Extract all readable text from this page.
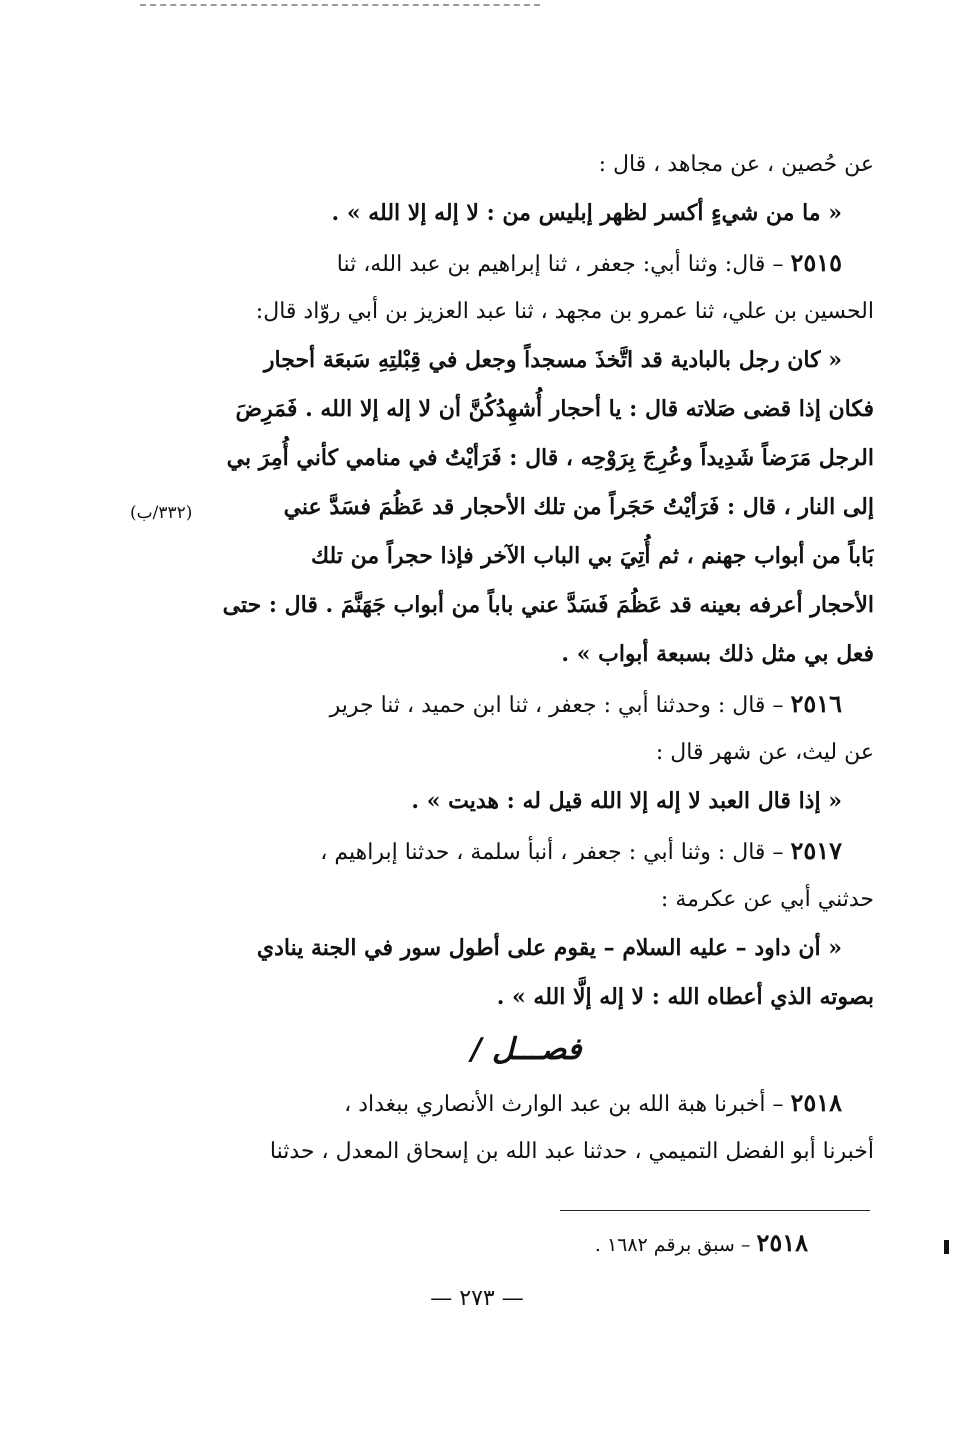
عن حُصين ، عن مجاهد ، قال :
« ما من شيءٍ أكسر لظهر إبليس من : لا إله إلا الله » .
٢٥١٥ – قال: وثنا أبي: جعفر ، ثنا إبراهيم بن عبد الله، ثنا
الحسين بن علي، ثنا عمرو بن مجهد ، ثنا عبد العزيز بن أبي روّاد قال:
« كان رجل بالبادية قد اتَّخذَ مسجداً وجعل في قِبْلتِهِ سَبعَة أحجار
فكان إذا قضى صَلاته قال : يا أحجار أُشهِدُكُنَّ أن لا إله إلا الله . فَمَرِضَ
الرجل مَرَضاً شَدِيداً وعُرِجَ بِرَوْحِه ، قال : فَرَأيْتُ في منامي كأني أُمِرَ بي
إلى النار ، قال : فَرَأيْتُ حَجَراً من تلك الأحجار قد عَظُمَ فسَدَّ عني
بَاباً من أبواب جهنم ، ثم أُتِيَ بي الباب الآخر فإذا حجراً من تلك
الأحجار أعرفه بعينه قد عَظُمَ فَسَدَّ عني باباً من أبواب جَهَنَّمَ . قال : حتى
فعل بي مثل ذلك بسبعة أبواب » .
٢٥١٦ – قال : وحدثنا أبي : جعفر ، ثنا ابن حميد ، ثنا جرير
عن ليث، عن شهر قال :
« إذا قال العبد لا إله إلا الله قيل له : هديت » .
٢٥١٧ – قال : وثنا أبي : جعفر ، أنبأ سلمة ، حدثنا إبراهيم ،
حدثني أبي عن عكرمة :
« أن داود – عليه السلام – يقوم على أطول سور في الجنة ينادي
بصوته الذي أعطاه الله : لا إله إلَّا الله » .
فصـــل /
٢٥١٨ – أخبرنا هبة الله بن عبد الوارث الأنصاري ببغداد ،
أخبرنا أبو الفضل التميمي ، حدثنا عبد الله بن إسحاق المعدل ، حدثنا
(٣٣٢/ب)
٢٥١٨ – سبق برقم ١٦٨٢ .
— ٢٧٣ —
